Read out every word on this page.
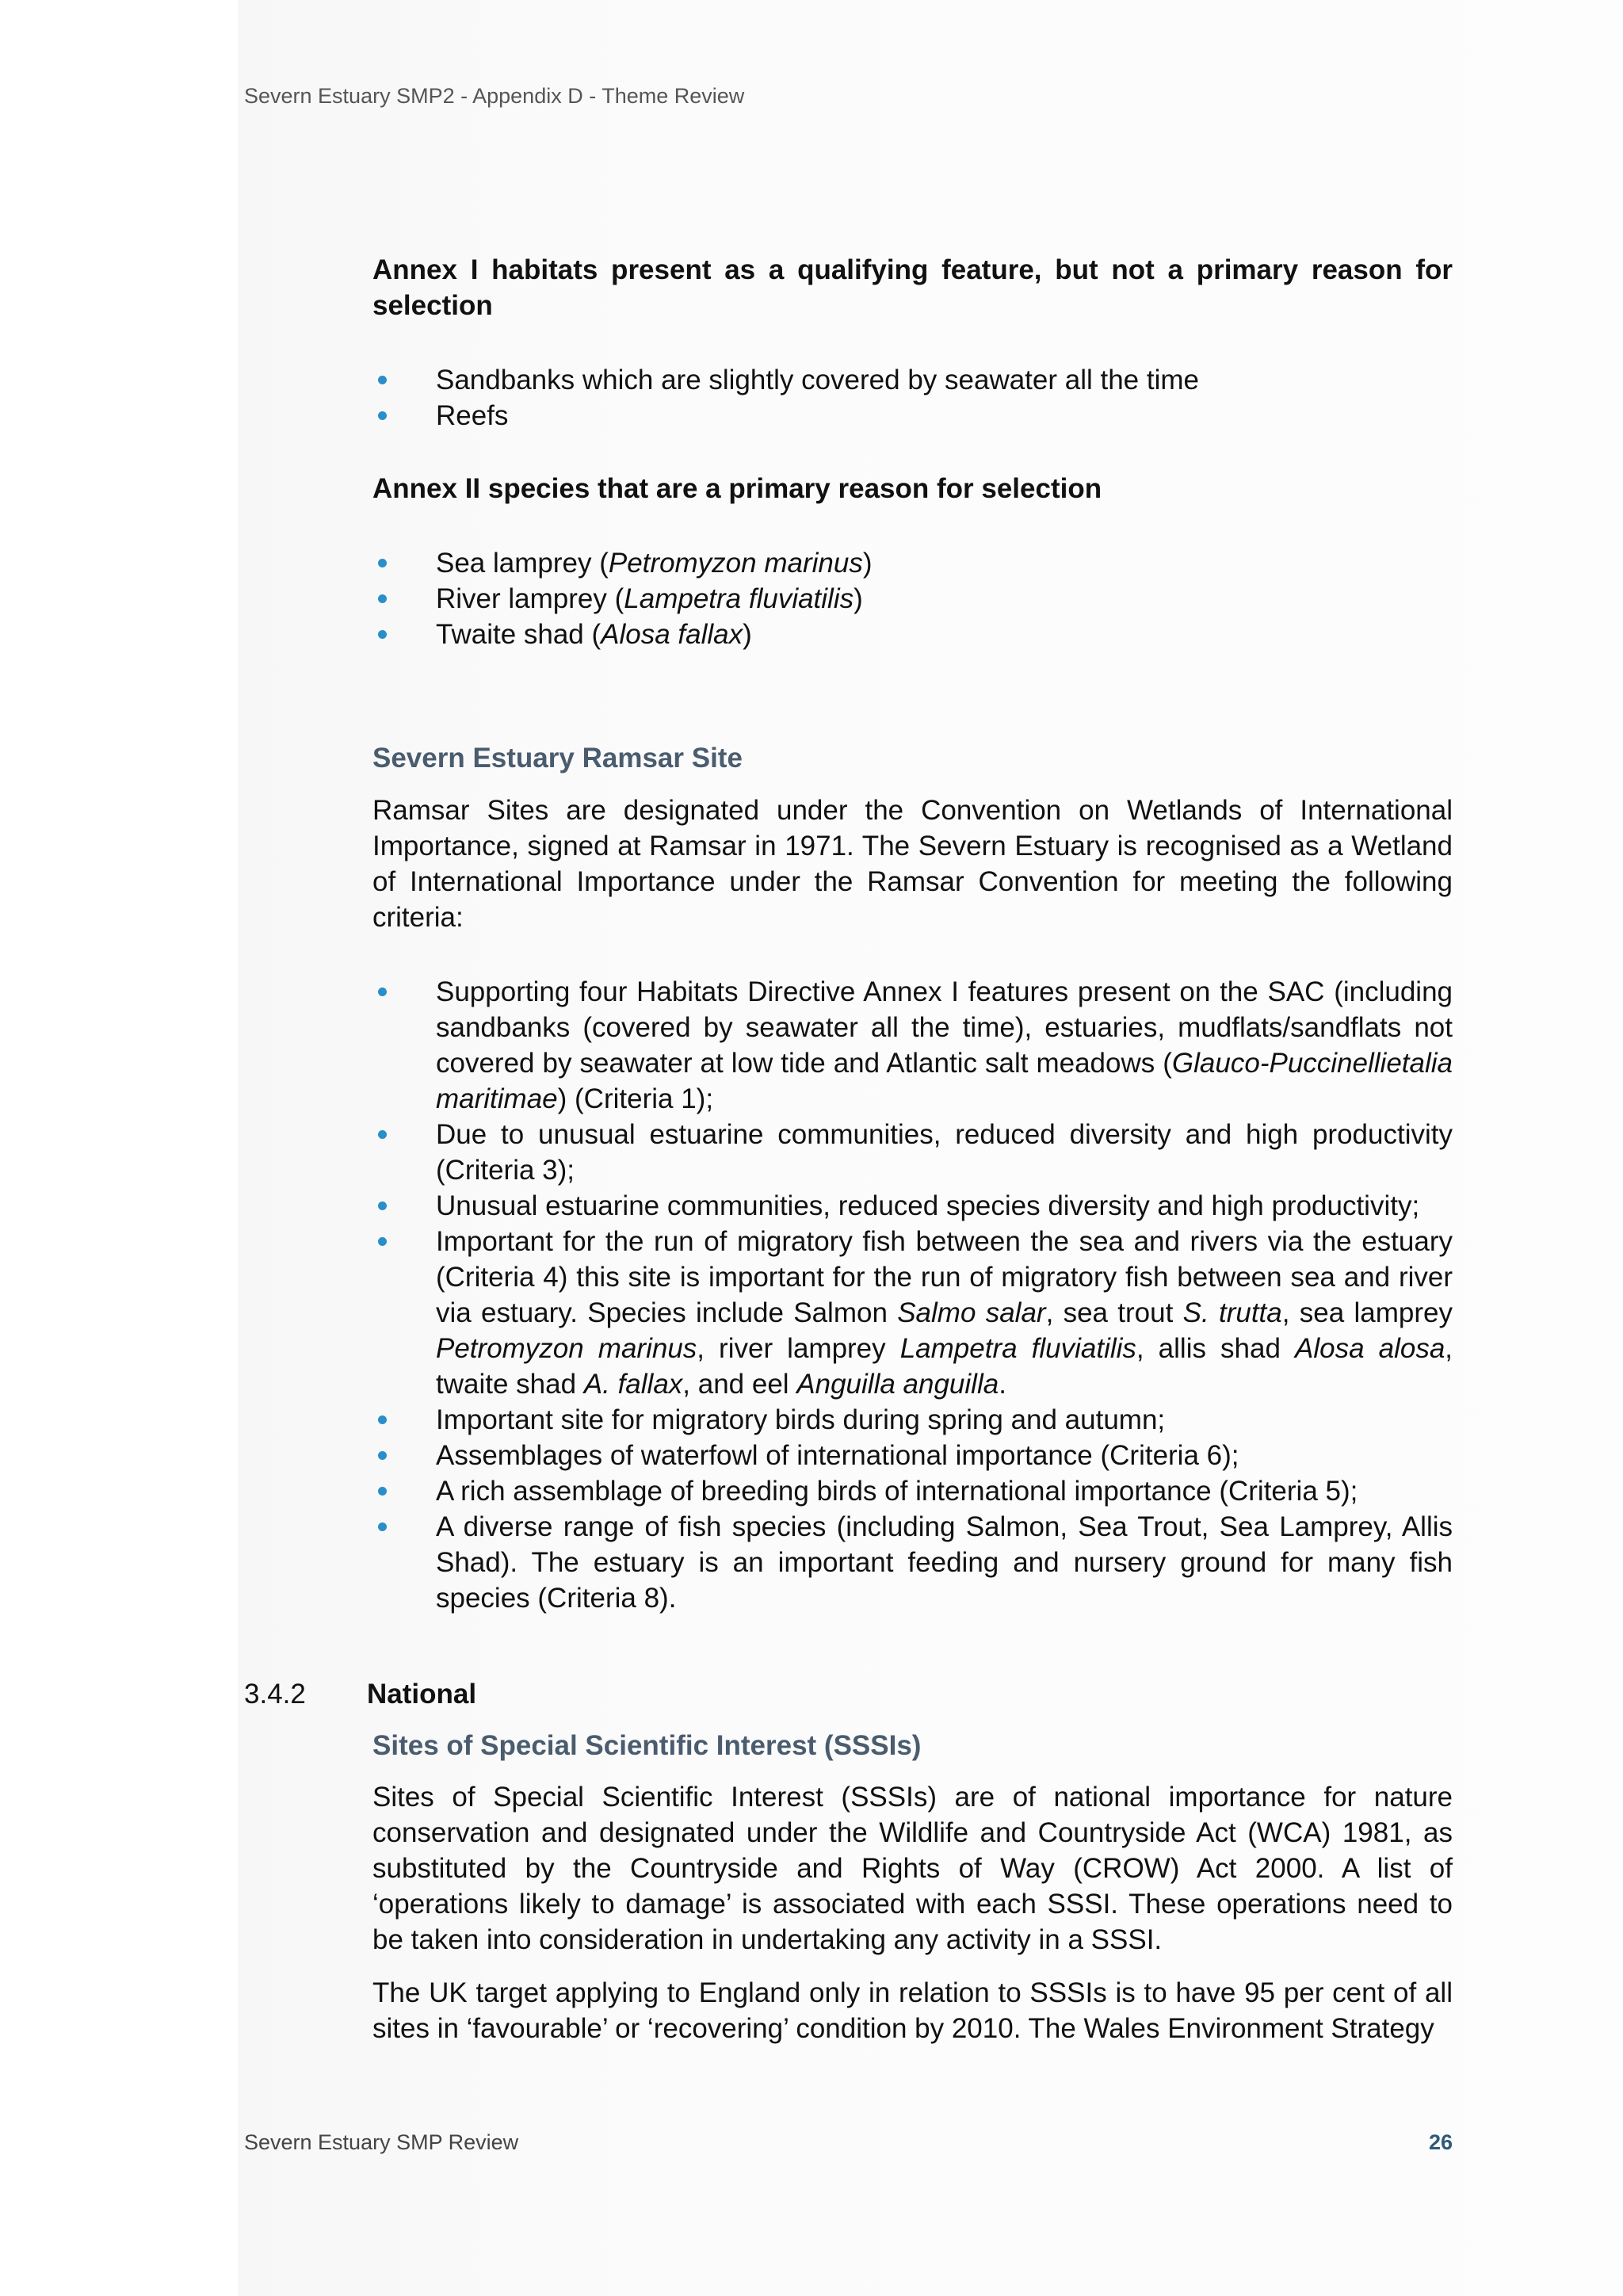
Severn Estuary SMP2 - Appendix D - Theme Review

Annex I habitats present as a qualifying feature, but not a primary reason for selection

Sandbanks which are slightly covered by seawater all the time
Reefs

Annex II species that are a primary reason for selection

Sea lamprey (Petromyzon marinus)
River lamprey (Lampetra fluviatilis)
Twaite shad (Alosa fallax)

Severn Estuary Ramsar Site

Ramsar Sites are designated under the Convention on Wetlands of International Importance, signed at Ramsar in 1971. The Severn Estuary is recognised as a Wetland of International Importance under the Ramsar Convention for meeting the following criteria:

Supporting four Habitats Directive Annex I features present on the SAC (including sandbanks (covered by seawater all the time), estuaries, mudflats/sandflats not covered by seawater at low tide and Atlantic salt meadows (Glauco-Puccinellietalia maritimae) (Criteria 1);
Due to unusual estuarine communities, reduced diversity and high productivity (Criteria 3);
Unusual estuarine communities, reduced species diversity and high productivity;
Important for the run of migratory fish between the sea and rivers via the estuary (Criteria 4) this site is important for the run of migratory fish between sea and river via estuary. Species include Salmon Salmo salar, sea trout S. trutta, sea lamprey Petromyzon marinus, river lamprey Lampetra fluviatilis, allis shad Alosa alosa, twaite shad A. fallax, and eel Anguilla anguilla.
Important site for migratory birds during spring and autumn;
Assemblages of waterfowl of international importance (Criteria 6);
A rich assemblage of breeding birds of international importance (Criteria 5);
A diverse range of fish species (including Salmon, Sea Trout, Sea Lamprey, Allis Shad). The estuary is an important feeding and nursery ground for many fish species (Criteria 8).
3.4.2 National

Sites of Special Scientific Interest (SSSIs)

Sites of Special Scientific Interest (SSSIs) are of national importance for nature conservation and designated under the Wildlife and Countryside Act (WCA) 1981, as substituted by the Countryside and Rights of Way (CROW) Act 2000. A list of ‘operations likely to damage’ is associated with each SSSI. These operations need to be taken into consideration in undertaking any activity in a SSSI.

The UK target applying to England only in relation to SSSIs is to have 95 per cent of all sites in ‘favourable’ or ‘recovering’ condition by 2010. The Wales Environment Strategy

Severn Estuary SMP Review	26
